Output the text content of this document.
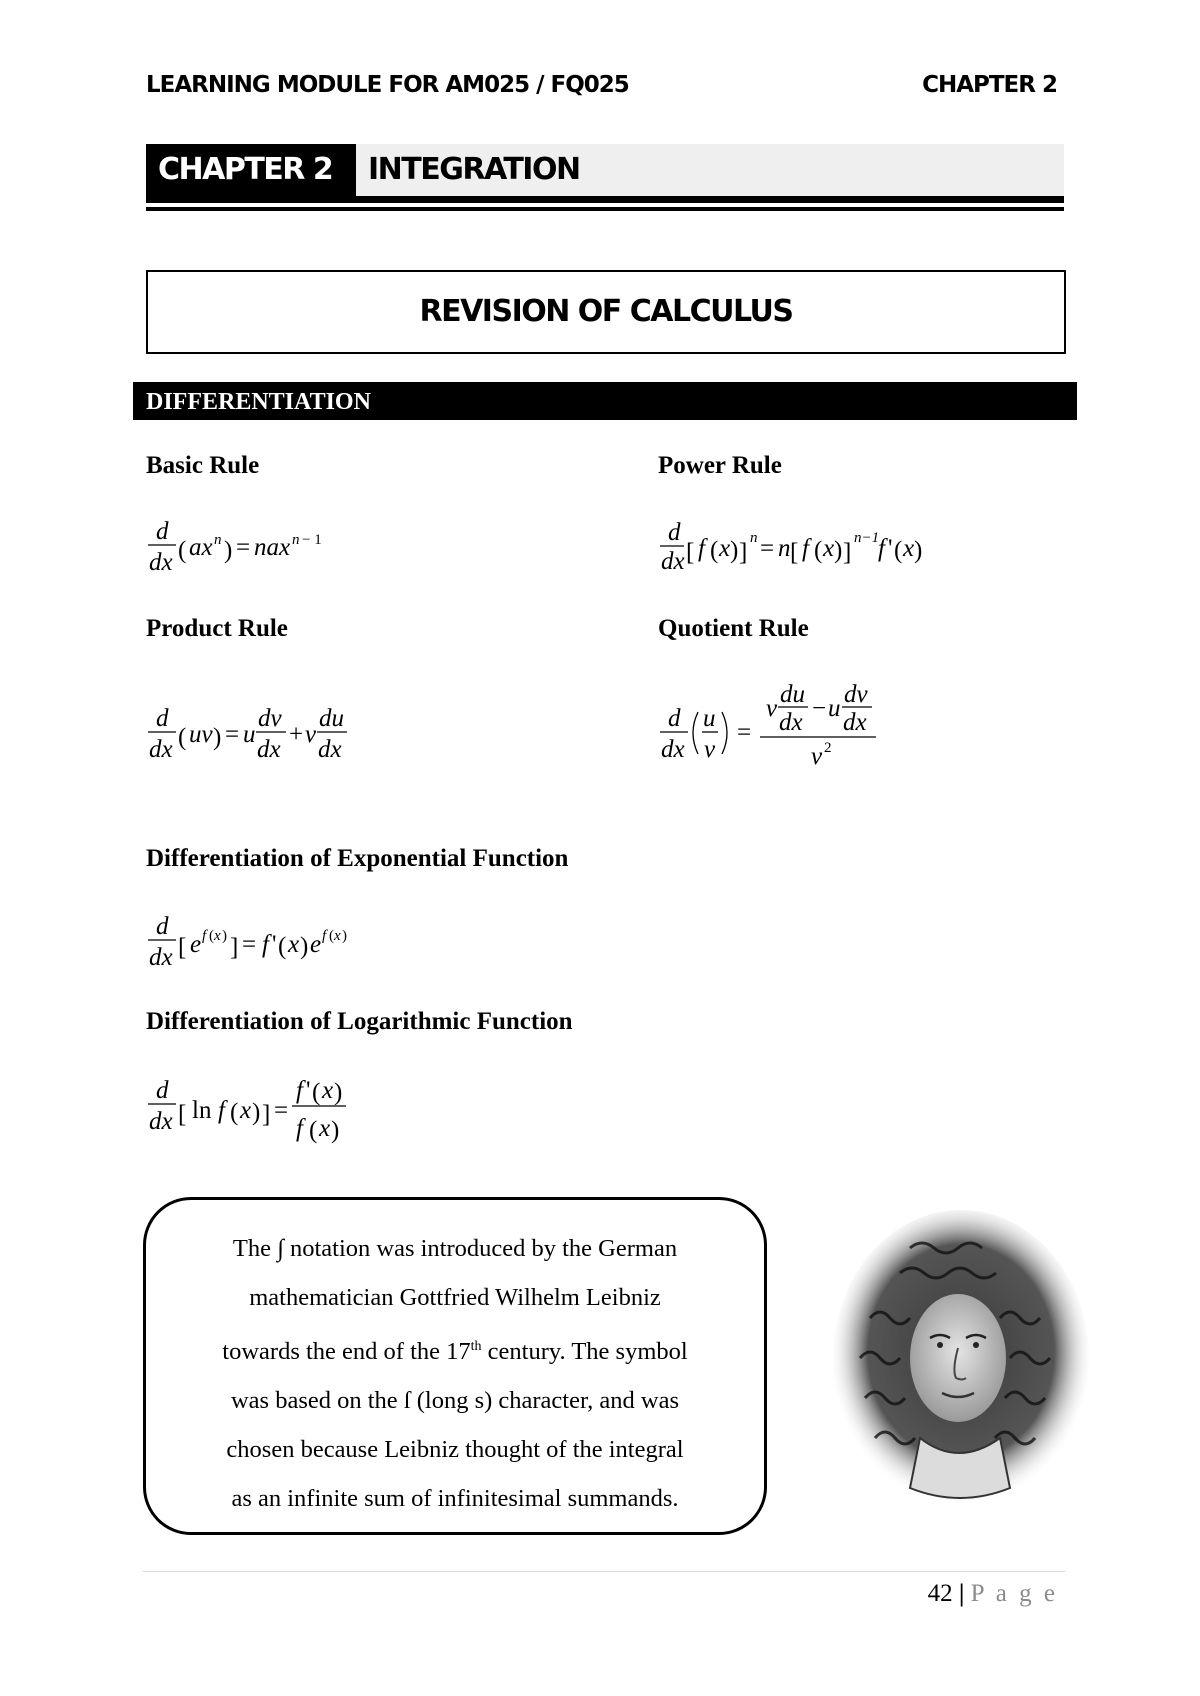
LEARNING MODULE FOR AM025 / FQ025	CHAPTER 2
CHAPTER 2	INTEGRATION
REVISION OF CALCULUS
DIFFERENTIATION
Basic Rule
d
dx ( ax n ) = nax n − 1
Power Rule
d
dx [ f ( x ) ]
n = n [ f ( x ) ]
n−1
f ' ( x )
Product Rule
d
dx ( uv ) = u
dv
dx
+ v
du
dx
Quotient Rule
d
dx
u
v
=
v
du
dx
− u
dv
dx
v 2
Differentiation of Exponential Function
d
dx [ e f ( x ) ] = f ' ( x ) e f ( x )
Differentiation of Logarithmic Function
d
dx [ ln f ( x ) ] =
f ' ( x )
f ( x )
The ∫ notation was introduced by the German
mathematician Gottfried Wilhelm Leibniz
towards the end of the 17th century. The symbol
was based on the ſ (long s) character, and was
chosen because Leibniz thought of the integral
as an infinite sum of infinitesimal summands.
42 | P a g e
